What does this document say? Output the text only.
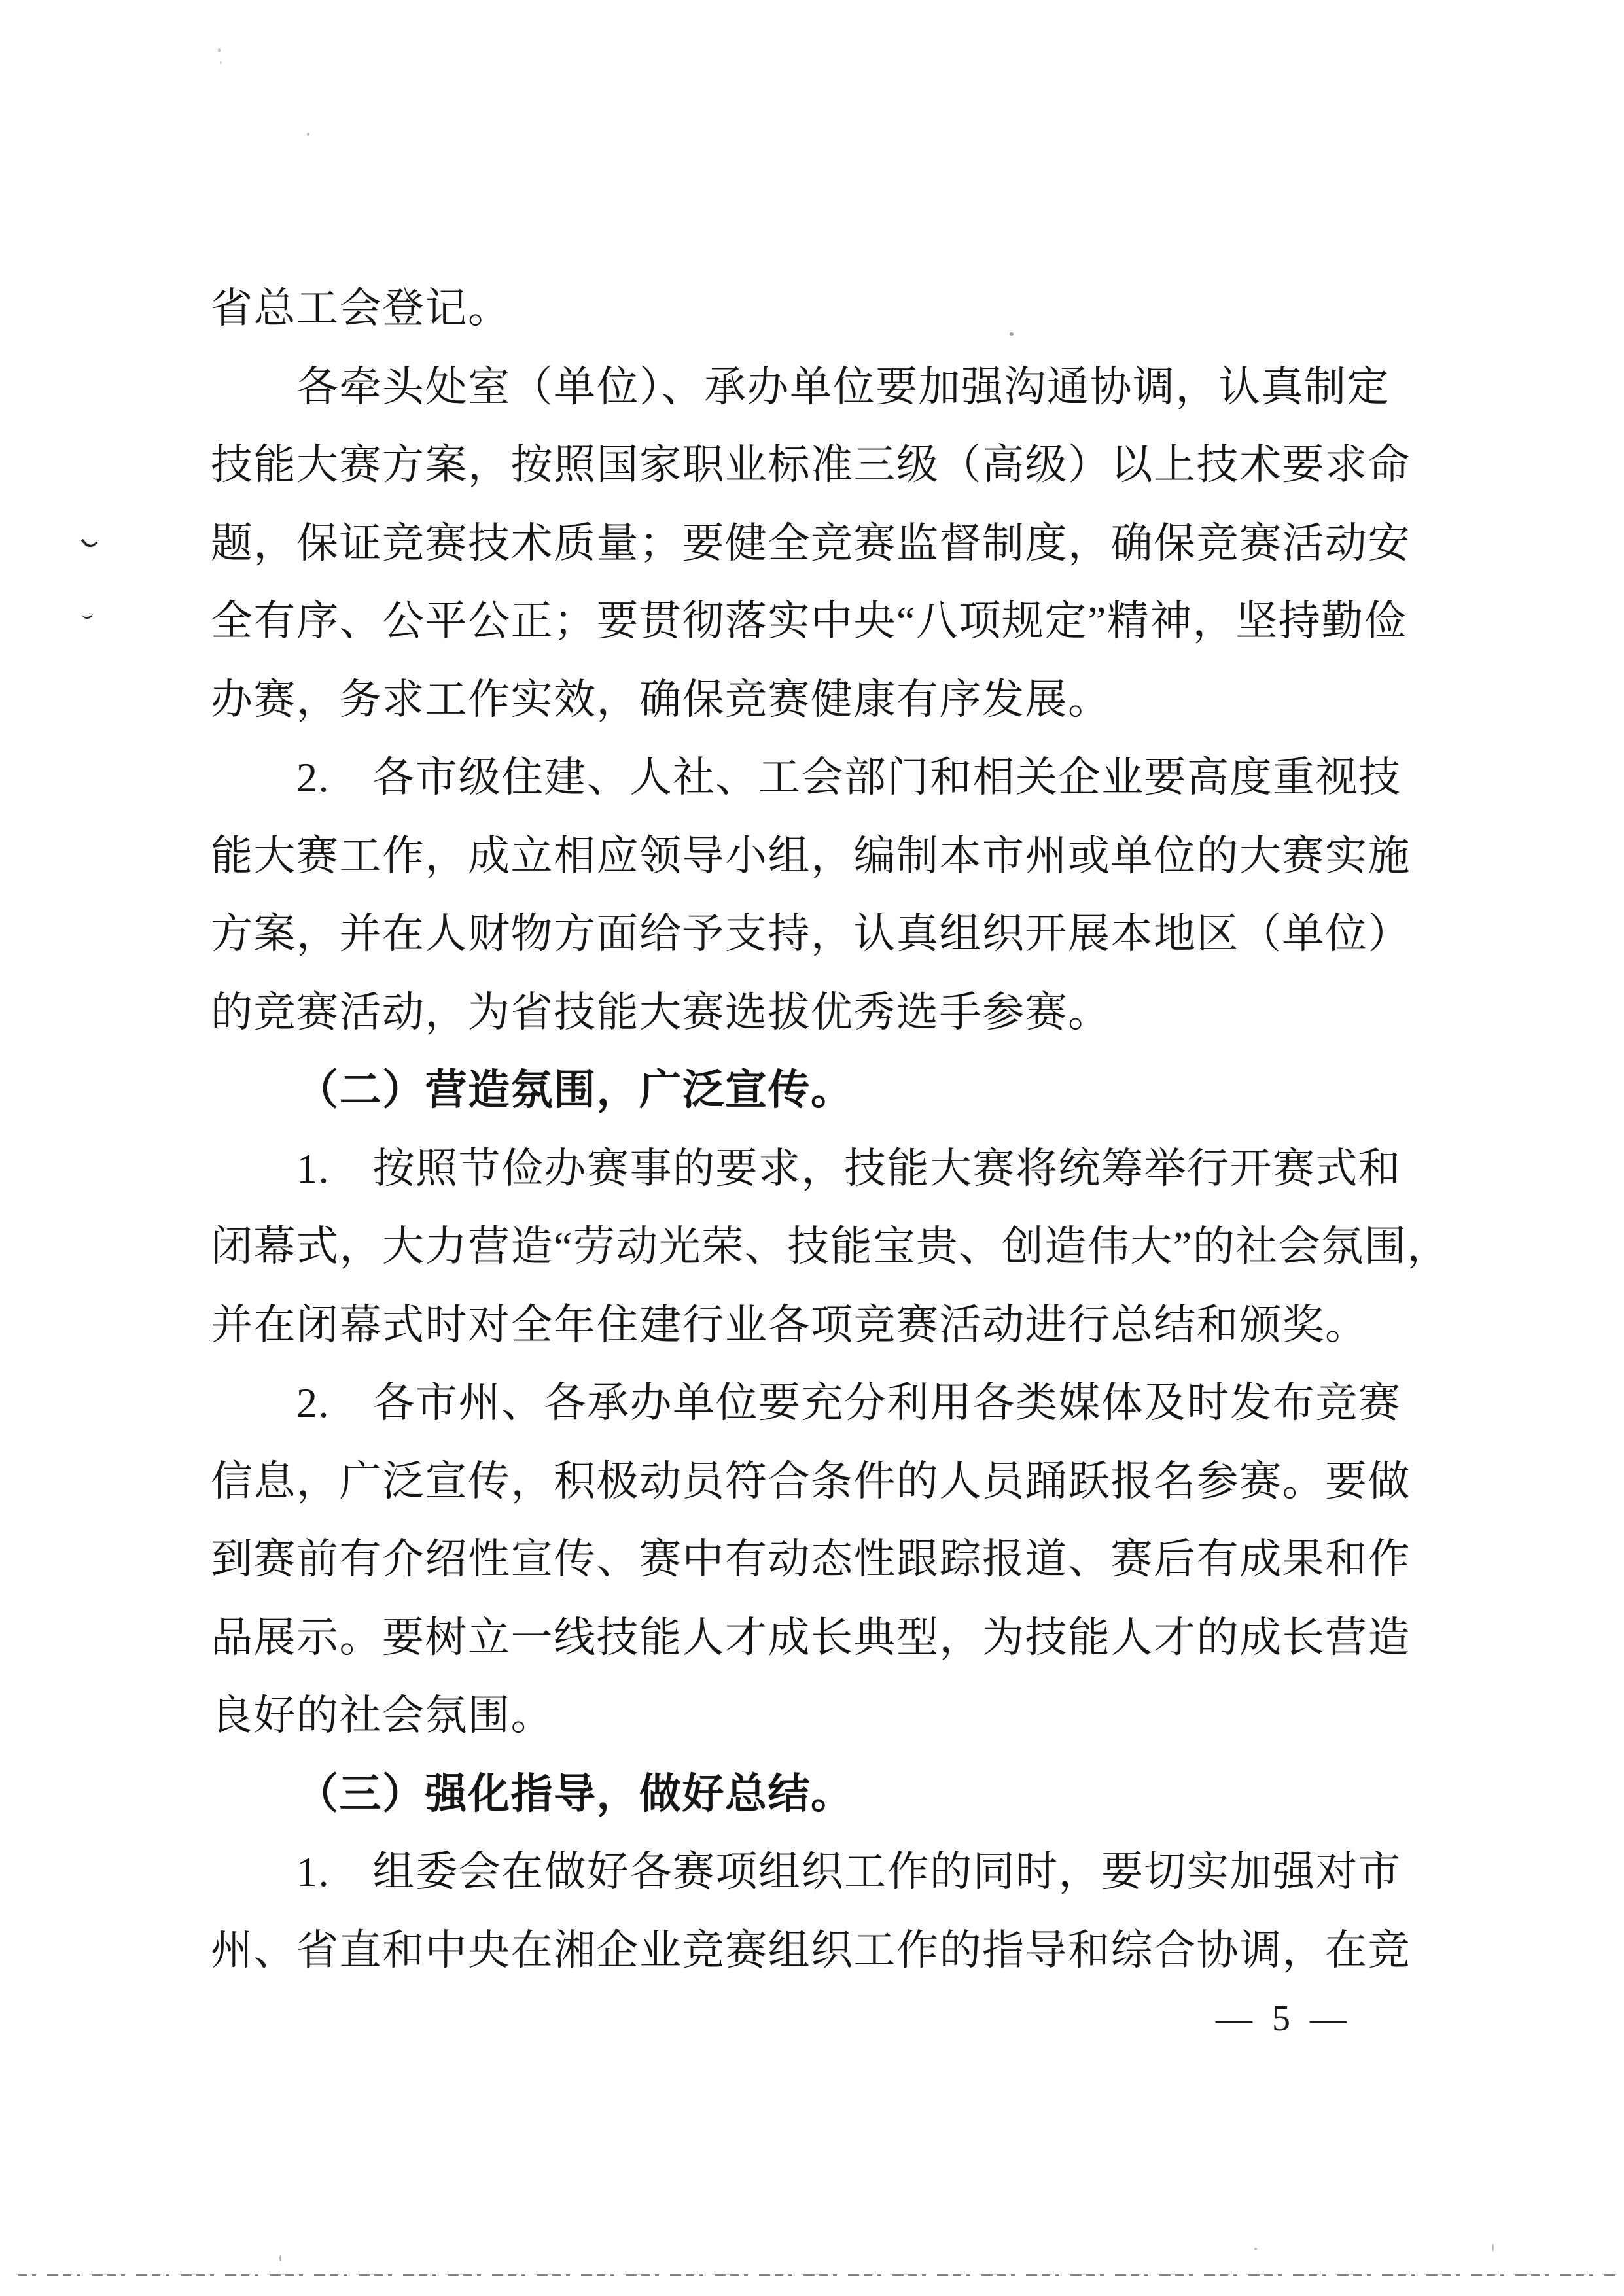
省总工会登记。
各牵头处室（单位）、承办单位要加强沟通协调，认真制定
技能大赛方案，按照国家职业标准三级（高级）以上技术要求命
题，保证竞赛技术质量；要健全竞赛监督制度，确保竞赛活动安
全有序、公平公正；要贯彻落实中央“八项规定”精神，坚持勤俭
办赛，务求工作实效，确保竞赛健康有序发展。
2.　各市级住建、人社、工会部门和相关企业要高度重视技
能大赛工作，成立相应领导小组，编制本市州或单位的大赛实施
方案，并在人财物方面给予支持，认真组织开展本地区（单位）
的竞赛活动，为省技能大赛选拔优秀选手参赛。
（二）营造氛围，广泛宣传。
1.　按照节俭办赛事的要求，技能大赛将统筹举行开赛式和
闭幕式，大力营造“劳动光荣、技能宝贵、创造伟大”的社会氛围，
并在闭幕式时对全年住建行业各项竞赛活动进行总结和颁奖。
2.　各市州、各承办单位要充分利用各类媒体及时发布竞赛
信息，广泛宣传，积极动员符合条件的人员踊跃报名参赛。要做
到赛前有介绍性宣传、赛中有动态性跟踪报道、赛后有成果和作
品展示。要树立一线技能人才成长典型，为技能人才的成长营造
良好的社会氛围。
（三）强化指导，做好总结。
1.　组委会在做好各赛项组织工作的同时，要切实加强对市
州、省直和中央在湘企业竞赛组织工作的指导和综合协调，在竞
— 5 —
